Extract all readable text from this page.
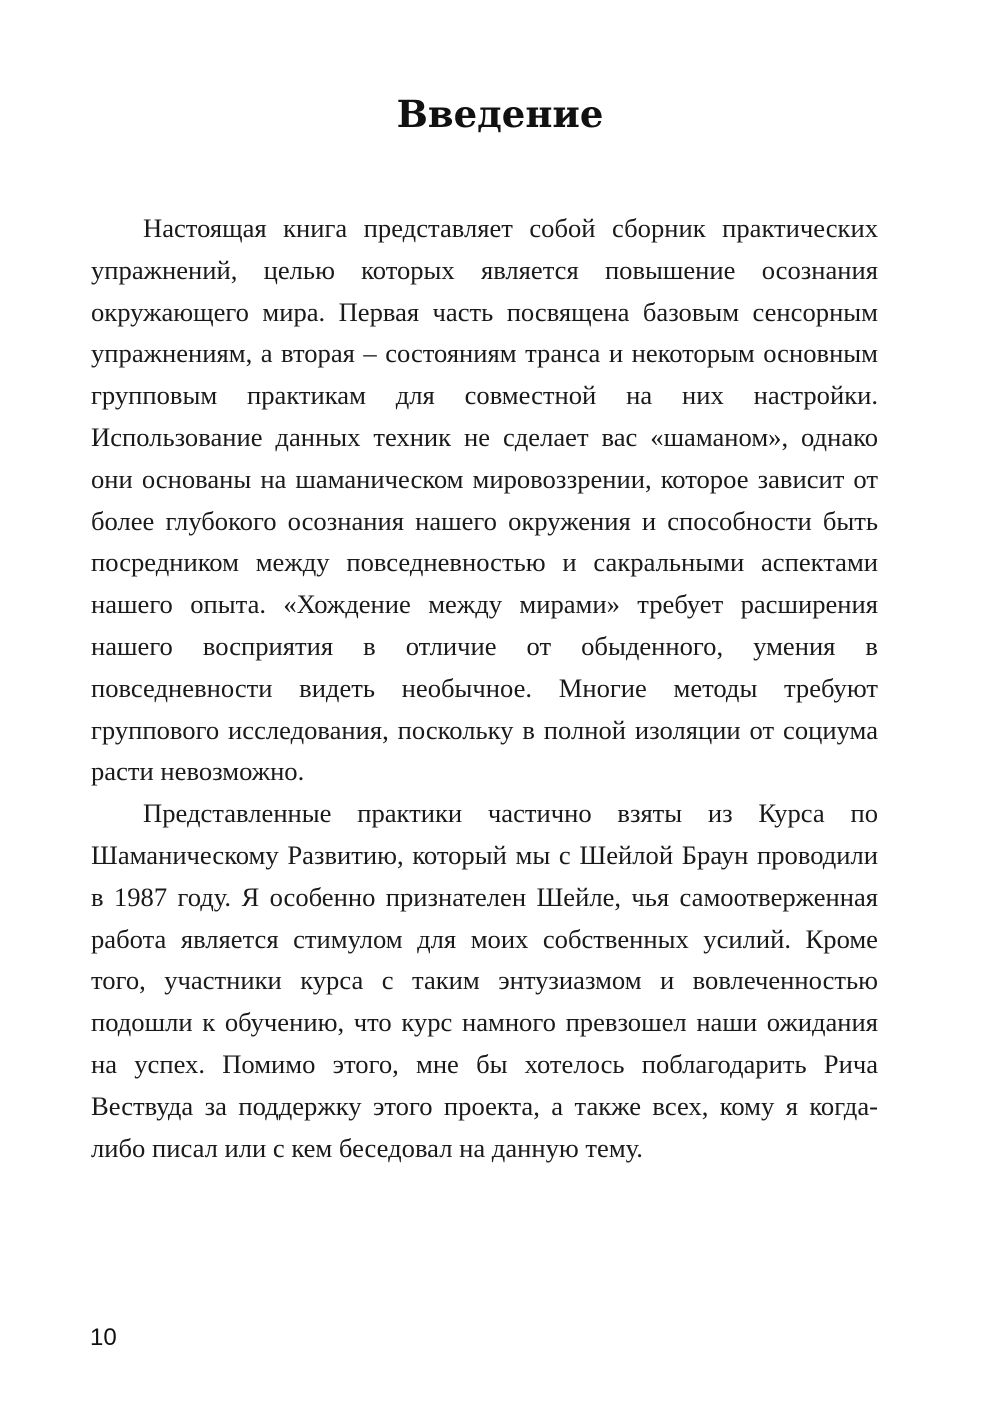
Введение

Настоящая книга представляет собой сборник практических упражнений, целью которых является повышение осознания окружающего мира. Первая часть посвящена базовым сенсорным упражнениям, а вторая – состояниям транса и некоторым основным групповым практикам для совместной на них настройки. Использование данных техник не сделает вас «шаманом», однако они основаны на шаманическом мировоззрении, которое зависит от более глубокого осознания нашего окружения и способности быть посредником между повседневностью и сакральными аспектами нашего опыта. «Хождение между мирами» требует расширения нашего восприятия в отличие от обыденного, умения в повседневности видеть необычное. Многие методы требуют группового исследования, поскольку в полной изоляции от социума расти невозможно.

Представленные практики частично взяты из Курса по Шаманическому Развитию, который мы с Шейлой Браун проводили в 1987 году. Я особенно признателен Шейле, чья самоотверженная работа является стимулом для моих собственных усилий. Кроме того, участники курса с таким энтузиазмом и вовлеченностью подошли к обучению, что курс намного превзошел наши ожидания на успех. Помимо этого, мне бы хотелось поблагодарить Рича Вествуда за поддержку этого проекта, а также всех, кому я когда-либо писал или с кем беседовал на данную тему.

10
